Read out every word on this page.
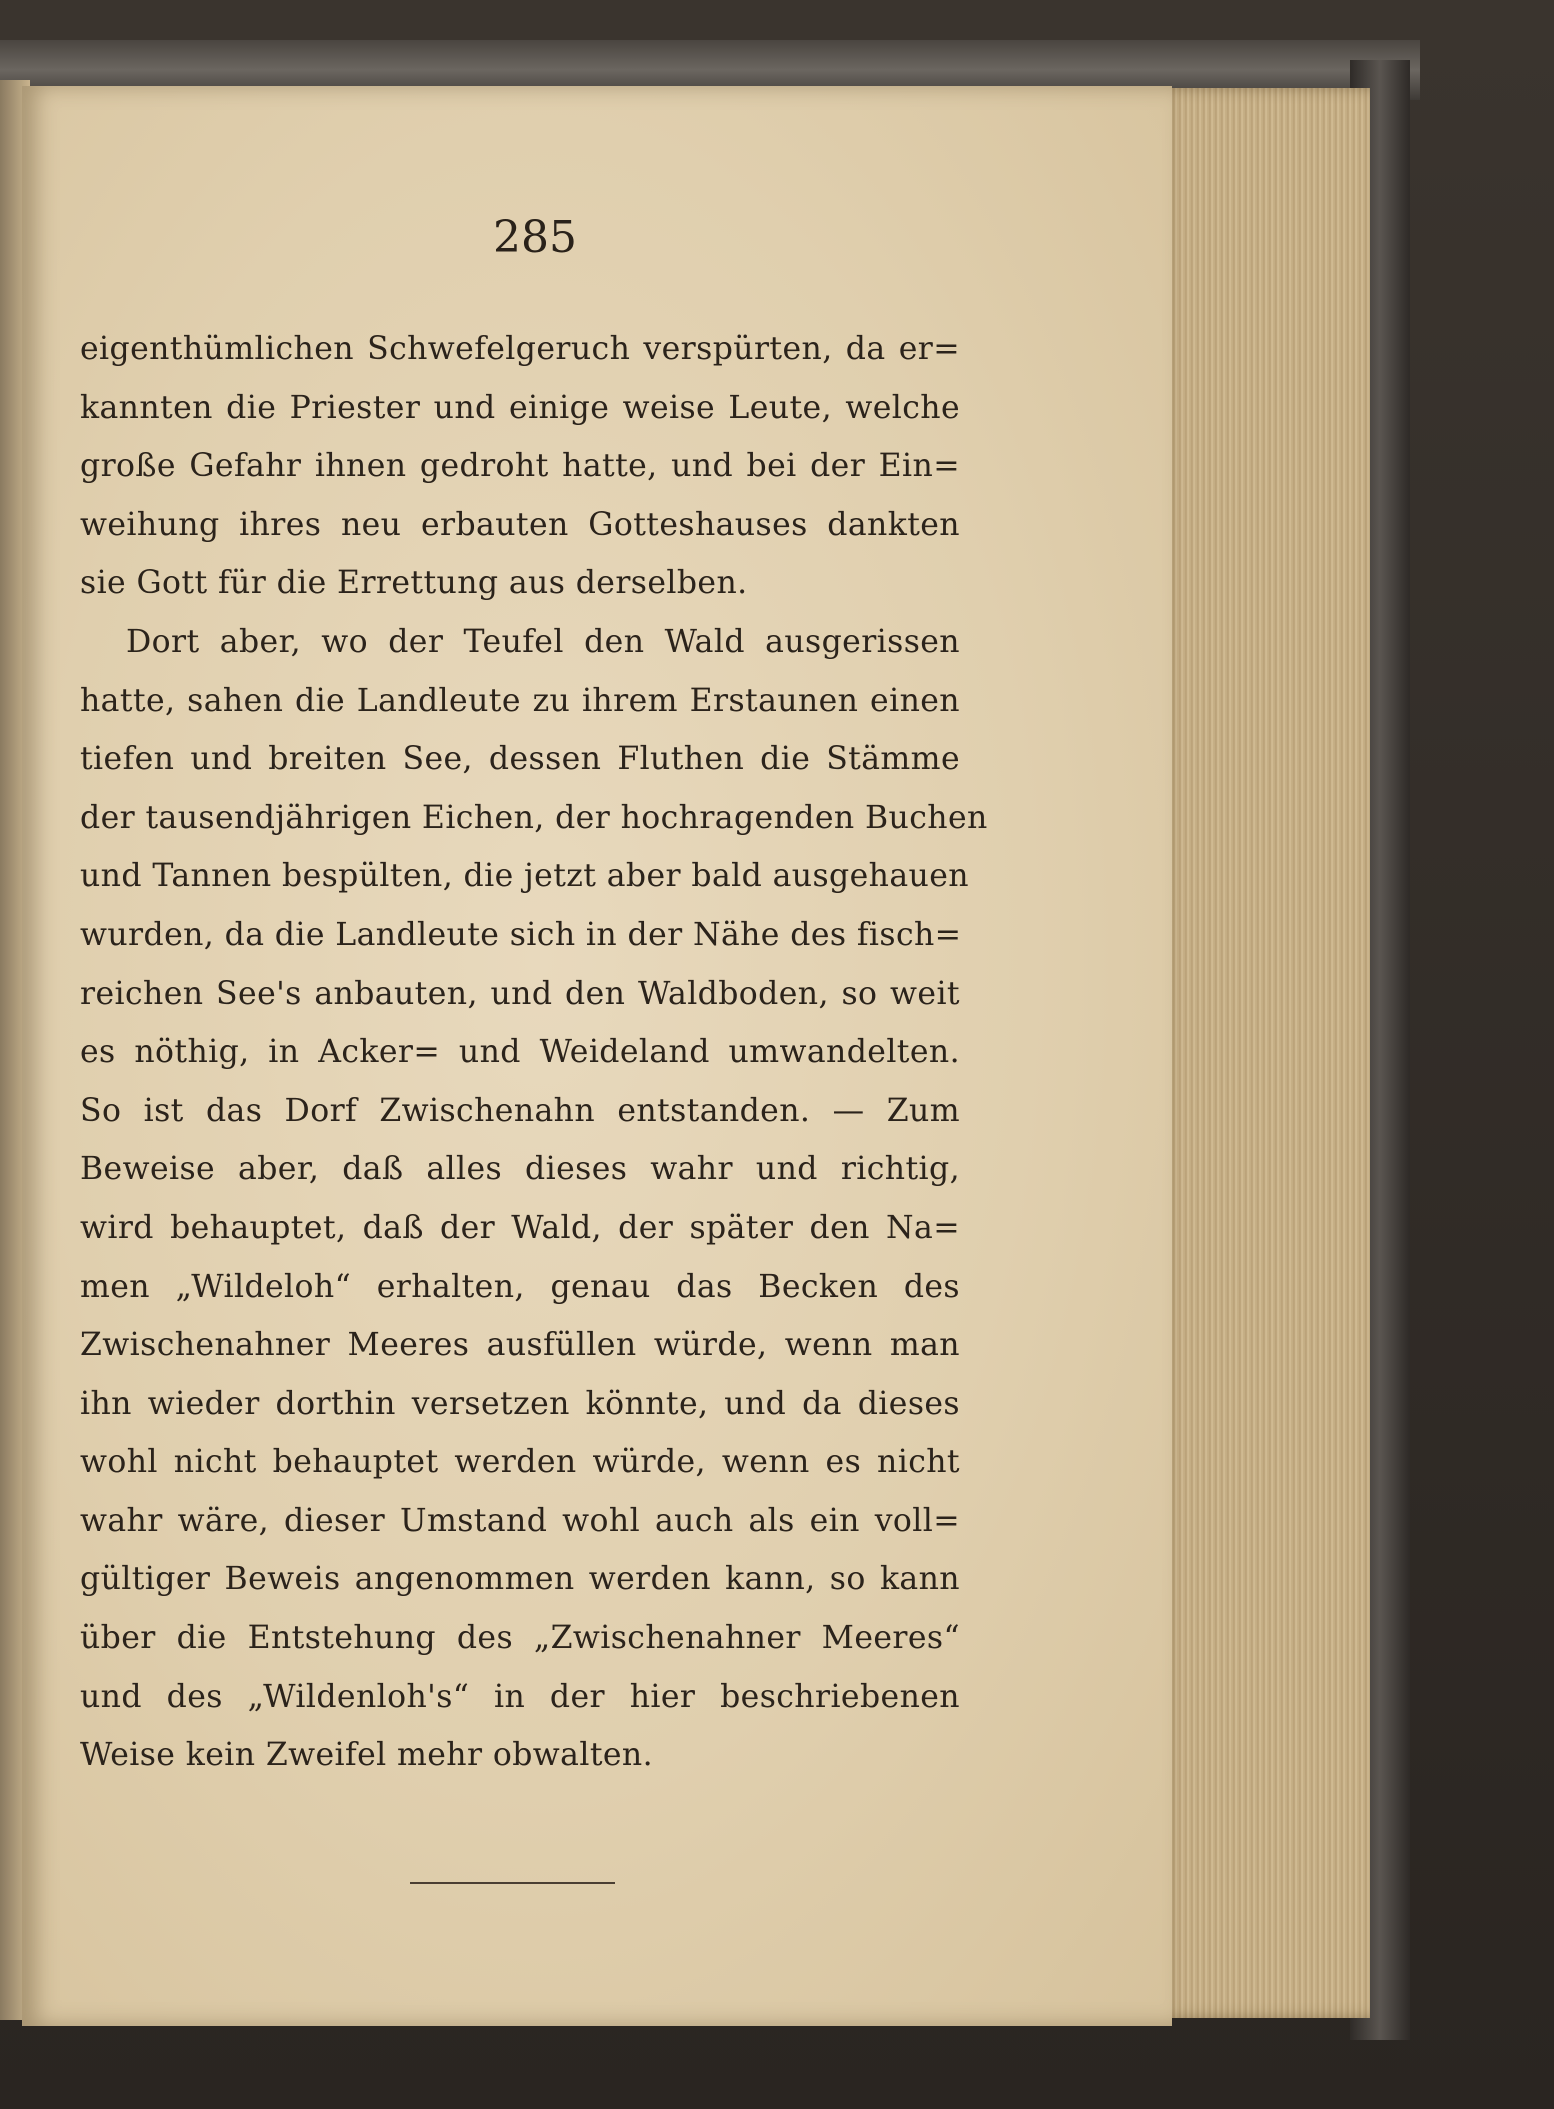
285
eigenthümlichen Schwefelgeruch verspürten, da er=
kannten die Priester und einige weise Leute, welche
große Gefahr ihnen gedroht hatte, und bei der Ein=
weihung ihres neu erbauten Gotteshauses dankten
sie Gott für die Errettung aus derselben.
Dort aber, wo der Teufel den Wald ausgerissen
hatte, sahen die Landleute zu ihrem Erstaunen einen
tiefen und breiten See, dessen Fluthen die Stämme
der tausendjährigen Eichen, der hochragenden Buchen
und Tannen bespülten, die jetzt aber bald ausgehauen
wurden, da die Landleute sich in der Nähe des fisch=
reichen See's anbauten, und den Waldboden, so weit
es nöthig, in Acker= und Weideland umwandelten.
So ist das Dorf Zwischenahn entstanden. — Zum
Beweise aber, daß alles dieses wahr und richtig,
wird behauptet, daß der Wald, der später den Na=
men „Wildeloh“ erhalten, genau das Becken des
Zwischenahner Meeres ausfüllen würde, wenn man
ihn wieder dorthin versetzen könnte, und da dieses
wohl nicht behauptet werden würde, wenn es nicht
wahr wäre, dieser Umstand wohl auch als ein voll=
gültiger Beweis angenommen werden kann, so kann
über die Entstehung des „Zwischenahner Meeres“
und des „Wildenloh's“ in der hier beschriebenen
Weise kein Zweifel mehr obwalten.
